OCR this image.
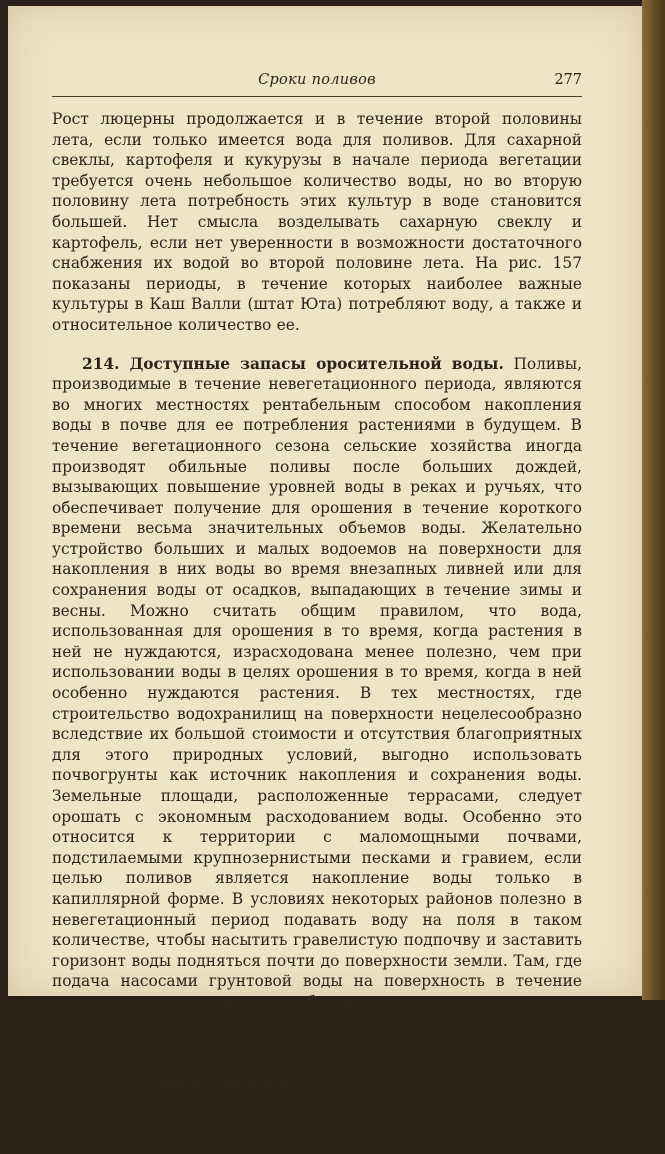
Сроки поливов	277

Рост люцерны продолжается и в течение второй половины лета, если только имеется вода для поливов. Для сахарной свеклы, картофеля и кукурузы в начале периода вегетации требуется очень небольшое количество воды, но во вторую половину лета потребность этих культур в воде становится большей. Нет смысла возделывать сахарную свеклу и картофель, если нет уверенности в возможности достаточного снабжения их водой во второй половине лета. На рис. 157 показаны периоды, в течение которых наиболее важные культуры в Каш Валли (штат Юта) потребляют воду, а также и относительное количество ее.

214. Доступные запасы оросительной воды. Поливы, производимые в течение невегетационного периода, являются во многих местностях рентабельным способом накопления воды в почве для ее потребления растениями в будущем. В течение вегетационного сезона сельские хозяйства иногда производят обильные поливы после больших дождей, вызывающих повышение уровней воды в реках и ручьях, что обеспечивает получение для орошения в течение короткого времени весьма значительных объемов воды. Желательно устройство больших и малых водоемов на поверхности для накопления в них воды во время внезапных ливней или для сохранения воды от осадков, выпадающих в течение зимы и весны. Можно считать общим правилом, что вода, использованная для орошения в то время, когда растения в ней не нуждаются, израсходована менее полезно, чем при использовании воды в целях орошения в то время, когда в ней особенно нуждаются растения. В тех местностях, где строительство водохранилищ на поверхности нецелесообразно вследствие их большой стоимости и отсутствия благоприятных для этого природных условий, выгодно использовать почвогрунты как источник накопления и сохранения воды. Земельные площади, расположенные террасами, следует орошать с экономным расходованием воды. Особенно это относится к территории с маломощными почвами, подстилаемыми крупнозернистыми песками и гравием, если целью поливов является накопление воды только в капиллярной форме. В условиях некоторых районов полезно в невегетационный период подавать воду на поля в таком количестве, чтобы насытить гравелистую подпочву и заставить горизонт воды подняться почти до поверхности земли. Там, где подача насосами грунтовой воды на поверхность в течение поливного сезона нецелесообразна, чрезмерные поливы в невегетационный период могут причинить значительный вред, заболотить почву.

215. Осенние поливы. Потребность в осенних поливах земель, на которых выращиваются такие однолетние культуры, как колосовые, картофель, сахарная свекла, бобовые, горох, определяется
